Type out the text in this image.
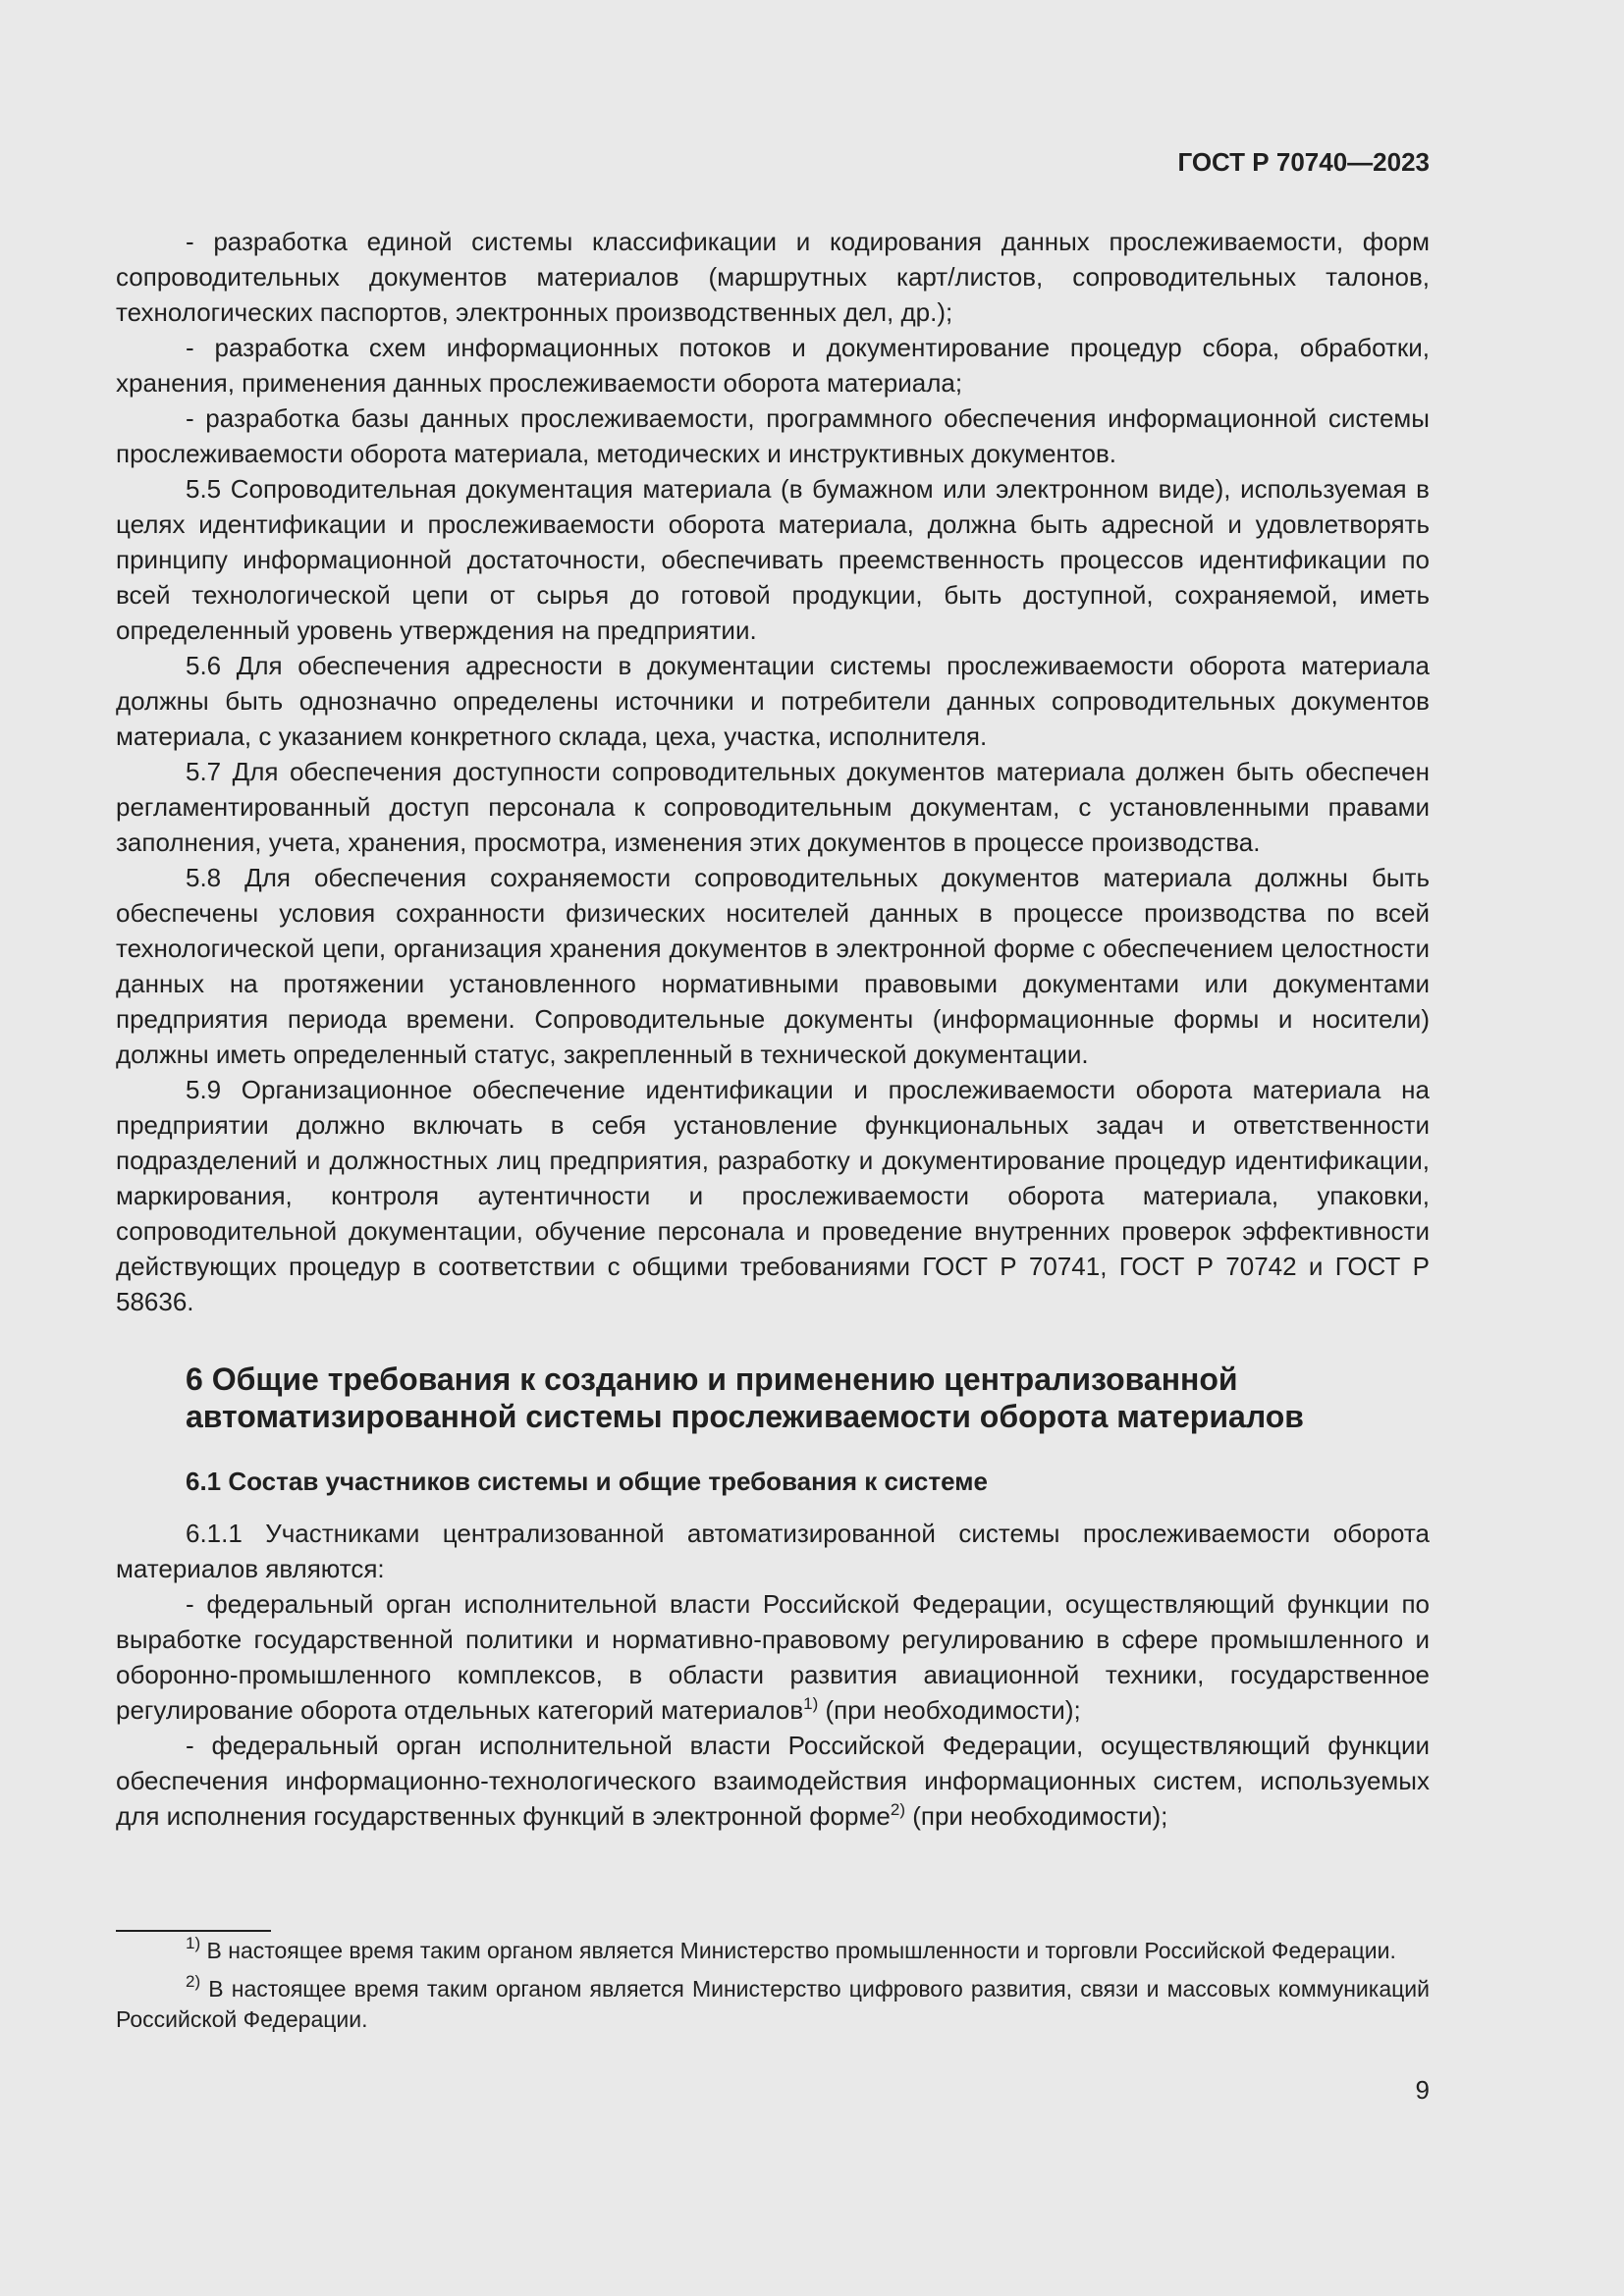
ГОСТ Р 70740—2023

- разработка единой системы классификации и кодирования данных прослеживаемости, форм сопроводительных документов материалов (маршрутных карт/листов, сопроводительных талонов, технологических паспортов, электронных производственных дел, др.);

- разработка схем информационных потоков и документирование процедур сбора, обработки, хранения, применения данных прослеживаемости оборота материала;

- разработка базы данных прослеживаемости, программного обеспечения информационной системы прослеживаемости оборота материала, методических и инструктивных документов.

5.5 Сопроводительная документация материала (в бумажном или электронном виде), используемая в целях идентификации и прослеживаемости оборота материала, должна быть адресной и удовлетворять принципу информационной достаточности, обеспечивать преемственность процессов идентификации по всей технологической цепи от сырья до готовой продукции, быть доступной, сохраняемой, иметь определенный уровень утверждения на предприятии.

5.6 Для обеспечения адресности в документации системы прослеживаемости оборота материала должны быть однозначно определены источники и потребители данных сопроводительных документов материала, с указанием конкретного склада, цеха, участка, исполнителя.

5.7 Для обеспечения доступности сопроводительных документов материала должен быть обеспечен регламентированный доступ персонала к сопроводительным документам, с установленными правами заполнения, учета, хранения, просмотра, изменения этих документов в процессе производства.

5.8 Для обеспечения сохраняемости сопроводительных документов материала должны быть обеспечены условия сохранности физических носителей данных в процессе производства по всей технологической цепи, организация хранения документов в электронной форме с обеспечением целостности данных на протяжении установленного нормативными правовыми документами или документами предприятия периода времени. Сопроводительные документы (информационные формы и носители) должны иметь определенный статус, закрепленный в технической документации.

5.9 Организационное обеспечение идентификации и прослеживаемости оборота материала на предприятии должно включать в себя установление функциональных задач и ответственности подразделений и должностных лиц предприятия, разработку и документирование процедур идентификации, маркирования, контроля аутентичности и прослеживаемости оборота материала, упаковки, сопроводительной документации, обучение персонала и проведение внутренних проверок эффективности действующих процедур в соответствии с общими требованиями ГОСТ Р 70741, ГОСТ Р 70742 и ГОСТ Р 58636.

6 Общие требования к созданию и применению централизованной автоматизированной системы прослеживаемости оборота материалов
6.1 Состав участников системы и общие требования к системе

6.1.1 Участниками централизованной автоматизированной системы прослеживаемости оборота материалов являются:

- федеральный орган исполнительной власти Российской Федерации, осуществляющий функции по выработке государственной политики и нормативно-правовому регулированию в сфере промышленного и оборонно-промышленного комплексов, в области развития авиационной техники, государственное регулирование оборота отдельных категорий материалов$^{1)}$ (при необходимости);

- федеральный орган исполнительной власти Российской Федерации, осуществляющий функции обеспечения информационно-технологического взаимодействия информационных систем, используемых для исполнения государственных функций в электронной форме$^{2)}$ (при необходимости);

$^{1)}$ В настоящее время таким органом является Министерство промышленности и торговли Российской Федерации.

$^{2)}$ В настоящее время таким органом является Министерство цифрового развития, связи и массовых коммуникаций Российской Федерации.

9
